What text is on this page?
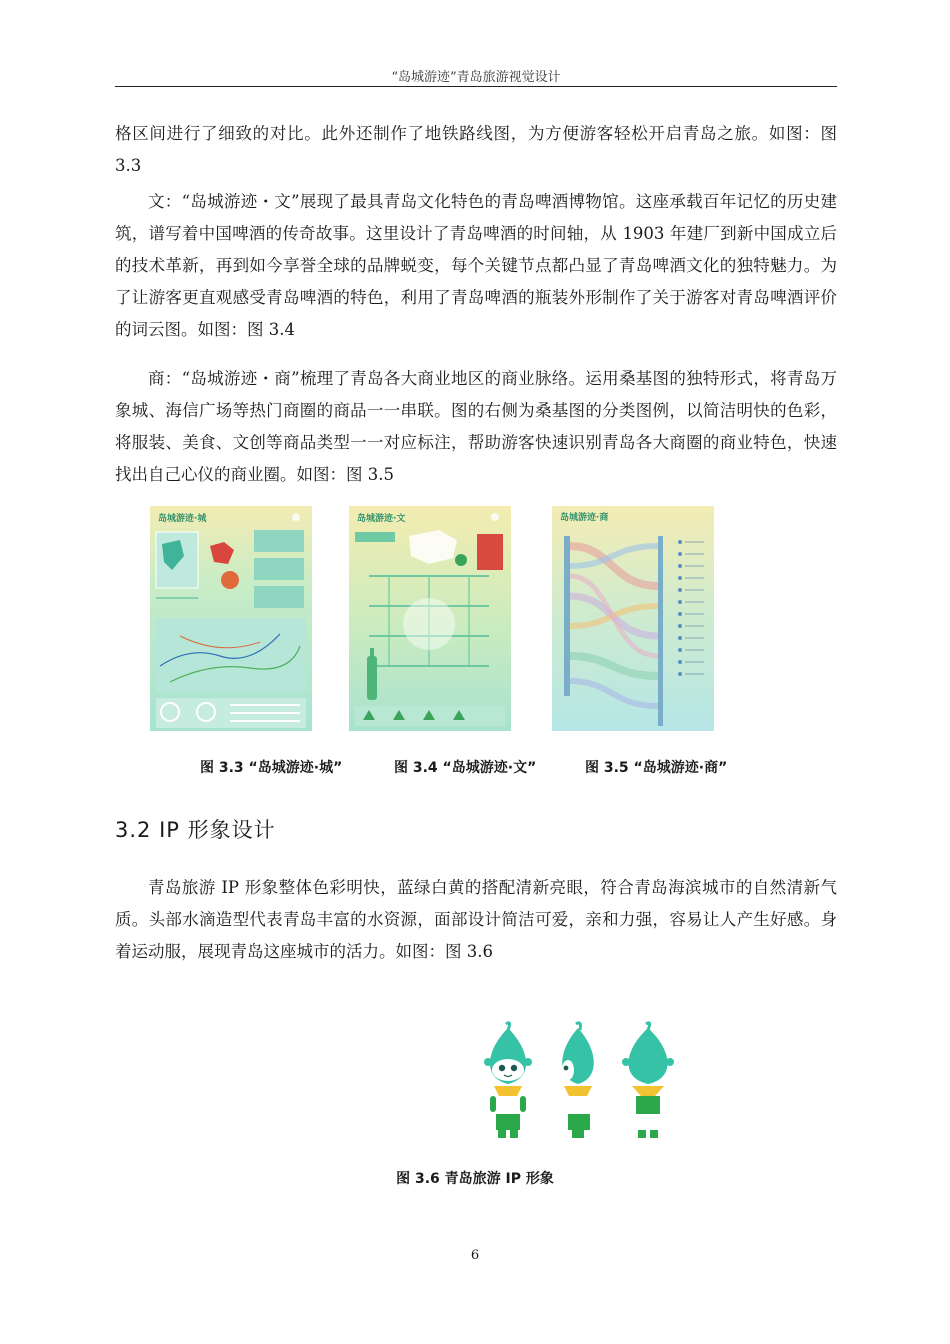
“岛城游迹”青岛旅游视觉设计

格区间进行了细致的对比。此外还制作了地铁路线图，为方便游客轻松开启青岛之旅。如图：图 3.3

文：“岛城游迹・文”展现了最具青岛文化特色的青岛啤酒博物馆。这座承载百年记忆的历史建筑，谱写着中国啤酒的传奇故事。这里设计了青岛啤酒的时间轴，从 1903 年建厂到新中国成立后的技术革新，再到如今享誉全球的品牌蜕变，每个关键节点都凸显了青岛啤酒文化的独特魅力。为了让游客更直观感受青岛啤酒的特色，利用了青岛啤酒的瓶装外形制作了关于游客对青岛啤酒评价的词云图。如图：图 3.4

商：“岛城游迹・商”梳理了青岛各大商业地区的商业脉络。运用桑基图的独特形式，将青岛万象城、海信广场等热门商圈的商品一一串联。图的右侧为桑基图的分类图例，以简洁明快的色彩，将服装、美食、文创等商品类型一一对应标注，帮助游客快速识别青岛各大商圈的商业特色，快速找出自己心仪的商业圈。如图：图 3.5

岛城游迹·城	岛城游迹·文	岛城游迹·商
图 3.3 “岛城游迹·城”	图 3.4 “岛城游迹·文”	图 3.5 “岛城游迹·商”
3.2 IP 形象设计

青岛旅游 IP 形象整体色彩明快，蓝绿白黄的搭配清新亮眼，符合青岛海滨城市的自然清新气质。头部水滴造型代表青岛丰富的水资源，面部设计简洁可爱，亲和力强，容易让人产生好感。身着运动服，展现青岛这座城市的活力。如图：图 3.6

图 3.6 青岛旅游 IP 形象
6
